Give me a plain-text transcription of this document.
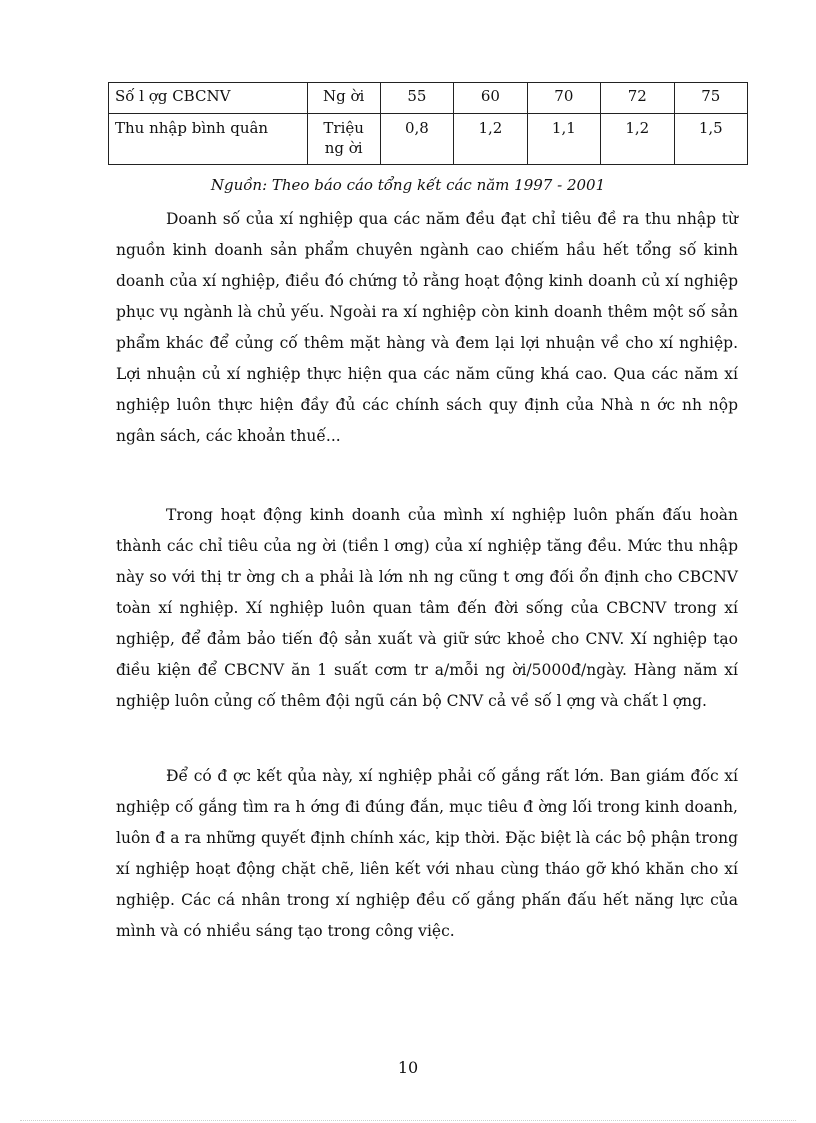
Số l ợg CBCNV	Ng ời	55	60	70	72	75
Thu nhập bình quân	Triệu ng ời	0,8	1,2	1,1	1,2	1,5
Nguồn: Theo báo cáo tổng kết các năm 1997 - 2001

Doanh số của xí nghiệp qua các năm đều đạt chỉ tiêu đề ra thu nhập từ nguồn kinh doanh sản phẩm chuyên ngành cao chiếm hầu hết tổng số kinh doanh của xí nghiệp, điều đó chứng tỏ rằng hoạt động kinh doanh củ xí nghiệp phục vụ ngành là chủ yếu. Ngoài ra xí nghiệp còn kinh doanh thêm một số sản phẩm khác để củng cố thêm mặt hàng và đem lại lợi nhuận về cho xí nghiệp. Lợi nhuận củ xí nghiệp thực hiện qua các năm cũng khá cao. Qua các năm xí nghiệp luôn thực hiện đầy đủ các chính sách quy định của Nhà n ớc nh nộp ngân sách, các khoản thuế...

Trong hoạt động kinh doanh của mình xí nghiệp luôn phấn đấu hoàn thành các chỉ tiêu của ng ời (tiền l ơng) của xí nghiệp tăng đều. Mức thu nhập này so với thị tr ờng ch a phải là lớn nh ng cũng t ơng đối ổn định cho CBCNV toàn xí nghiệp. Xí nghiệp luôn quan tâm đến đời sống của CBCNV trong xí nghiệp, để đảm bảo tiến độ sản xuất và giữ sức khoẻ cho CNV. Xí nghiệp tạo điều kiện để CBCNV ăn 1 suất cơm tr a/mỗi ng ời/5000đ/ngày. Hàng năm xí nghiệp luôn củng cố thêm đội ngũ cán bộ CNV cả về số l ợng và chất l ợng.

Để có đ ợc kết qủa này, xí nghiệp phải cố gắng rất lớn. Ban giám đốc xí nghiệp cố gắng tìm ra h ớng đi đúng đắn, mục tiêu đ ờng lối trong kinh doanh, luôn đ a ra những quyết định chính xác, kịp thời. Đặc biệt là các bộ phận trong xí nghiệp hoạt động chặt chẽ, liên kết với nhau cùng tháo gỡ khó khăn cho xí nghiệp. Các cá nhân trong xí nghiệp đều cố gắng phấn đấu hết năng lực của mình và có nhiều sáng tạo trong công việc.

10
